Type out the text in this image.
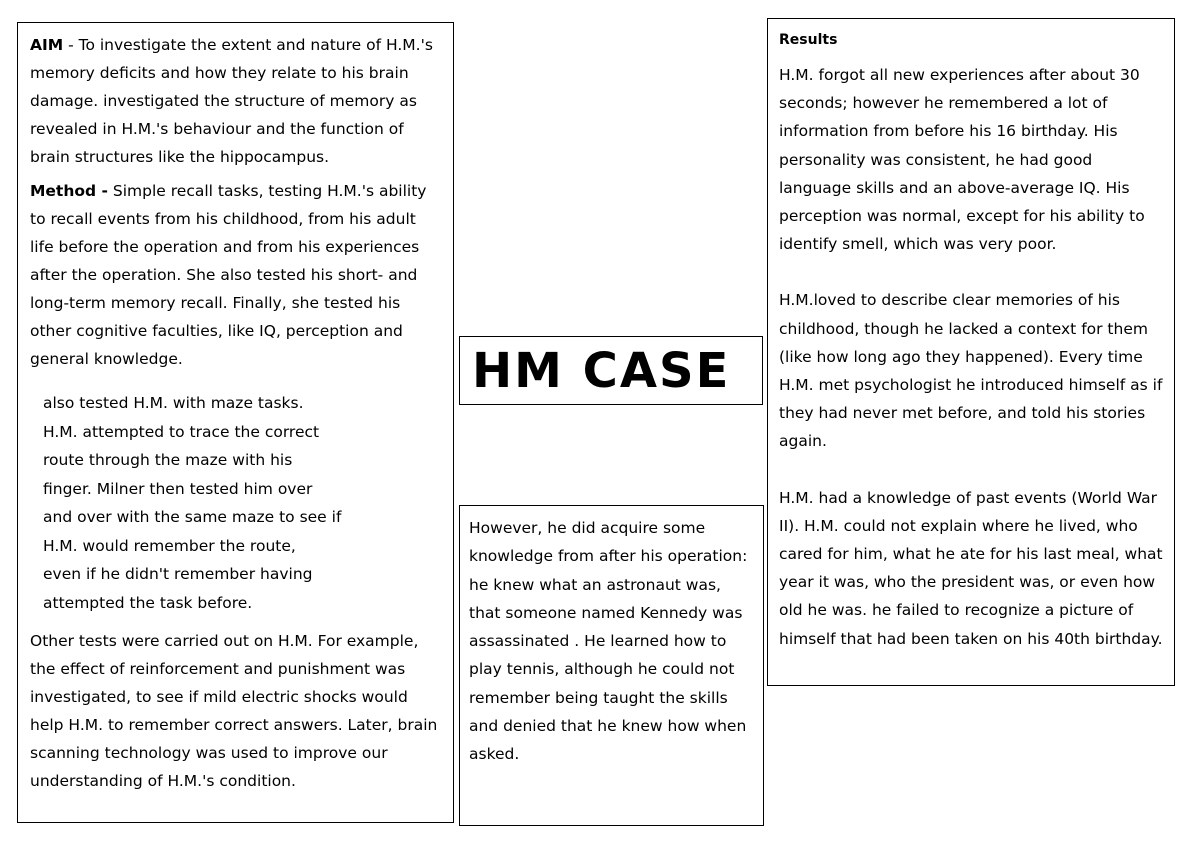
AIM - To investigate the extent and nature of H.M.'s memory deficits and how they relate to his brain damage. investigated the structure of memory as revealed in H.M.'s behaviour and the function of brain structures like the hippocampus.

Method - Simple recall tasks, testing H.M.'s ability to recall events from his childhood, from his adult life before the operation and from his experiences after the operation. She also tested his short- and long-term memory recall. Finally, she tested his other cognitive faculties, like IQ, perception and general knowledge.

also tested H.M. with maze tasks.
H.M. attempted to trace the correct
route through the maze with his
finger. Milner then tested him over
and over with the same maze to see if
H.M. would remember the route,
even if he didn't remember having
attempted the task before.

Other tests were carried out on H.M. For example, the effect of reinforcement and punishment was investigated, to see if mild electric shocks would help H.M. to remember correct answers. Later, brain scanning technology was used to improve our understanding of H.M.'s condition.

HM CASE

However, he did acquire some knowledge from after his operation: he knew what an astronaut was, that someone named Kennedy was assassinated . He learned how to play tennis, although he could not remember being taught the skills and denied that he knew how when asked.

Results

H.M. forgot all new experiences after about 30 seconds; however he remembered a lot of information from before his 16 birthday. His personality was consistent, he had good language skills and an above-average IQ. His perception was normal, except for his ability to identify smell, which was very poor.

H.M.loved to describe clear memories of his childhood, though he lacked a context for them (like how long ago they happened). Every time H.M. met psychologist he introduced himself as if they had never met before, and told his stories again.

H.M. had a knowledge of past events (World War II). H.M. could not explain where he lived, who cared for him, what he ate for his last meal, what year it was, who the president was, or even how old he was. he failed to recognize a picture of himself that had been taken on his 40th birthday.
